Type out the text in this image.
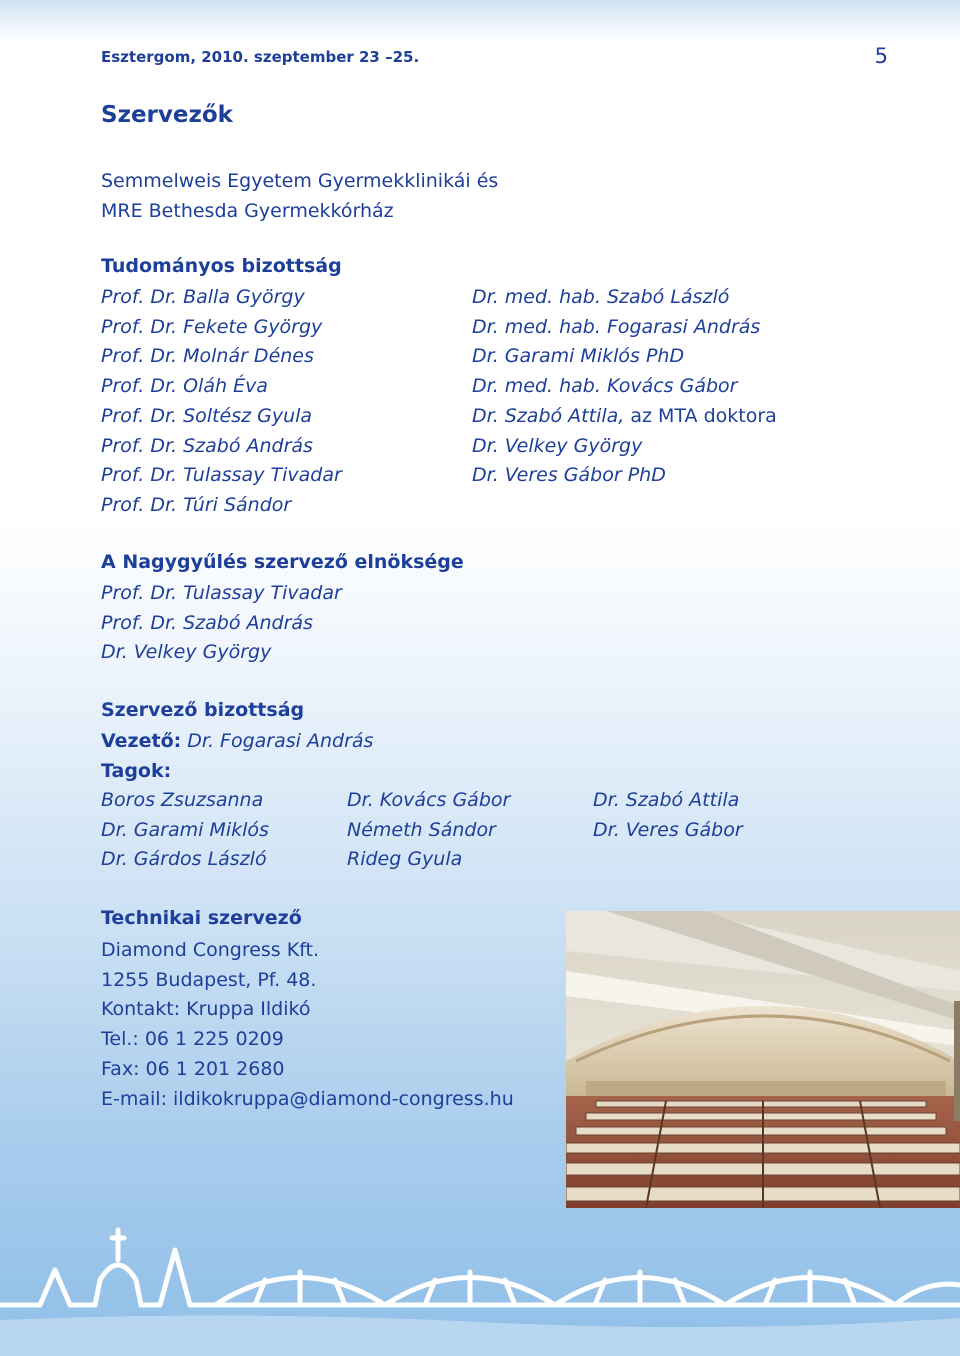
Esztergom, 2010. szeptember 23 –25.	5
Szervezők
Semmelweis Egyetem Gyermekklinikái és
MRE Bethesda Gyermekkórház
Tudományos bizottság
Prof. Dr. Balla György
Prof. Dr. Fekete György
Prof. Dr. Molnár Dénes
Prof. Dr. Oláh Éva
Prof. Dr. Soltész Gyula
Prof. Dr. Szabó András
Prof. Dr. Tulassay Tivadar
Prof. Dr. Túri Sándor
Dr. med. hab. Szabó László
Dr. med. hab. Fogarasi András
Dr. Garami Miklós PhD
Dr. med. hab. Kovács Gábor
Dr. Szabó Attila, az MTA doktora
Dr. Velkey György
Dr. Veres Gábor PhD
A Nagygyűlés szervező elnöksége
Prof. Dr. Tulassay Tivadar
Prof. Dr. Szabó András
Dr. Velkey György
Szervező bizottság
Vezető: Dr. Fogarasi András
Tagok:
Boros Zsuzsanna
Dr. Garami Miklós
Dr. Gárdos László
Dr. Kovács Gábor
Németh Sándor
Rideg Gyula
Dr. Szabó Attila
Dr. Veres Gábor
Technikai szervező
Diamond Congress Kft.
1255 Budapest, Pf. 48.
Kontakt: Kruppa Ildikó
Tel.: 06 1 225 0209
Fax: 06 1 201 2680
E-mail: ildikokruppa@diamond-congress.hu
